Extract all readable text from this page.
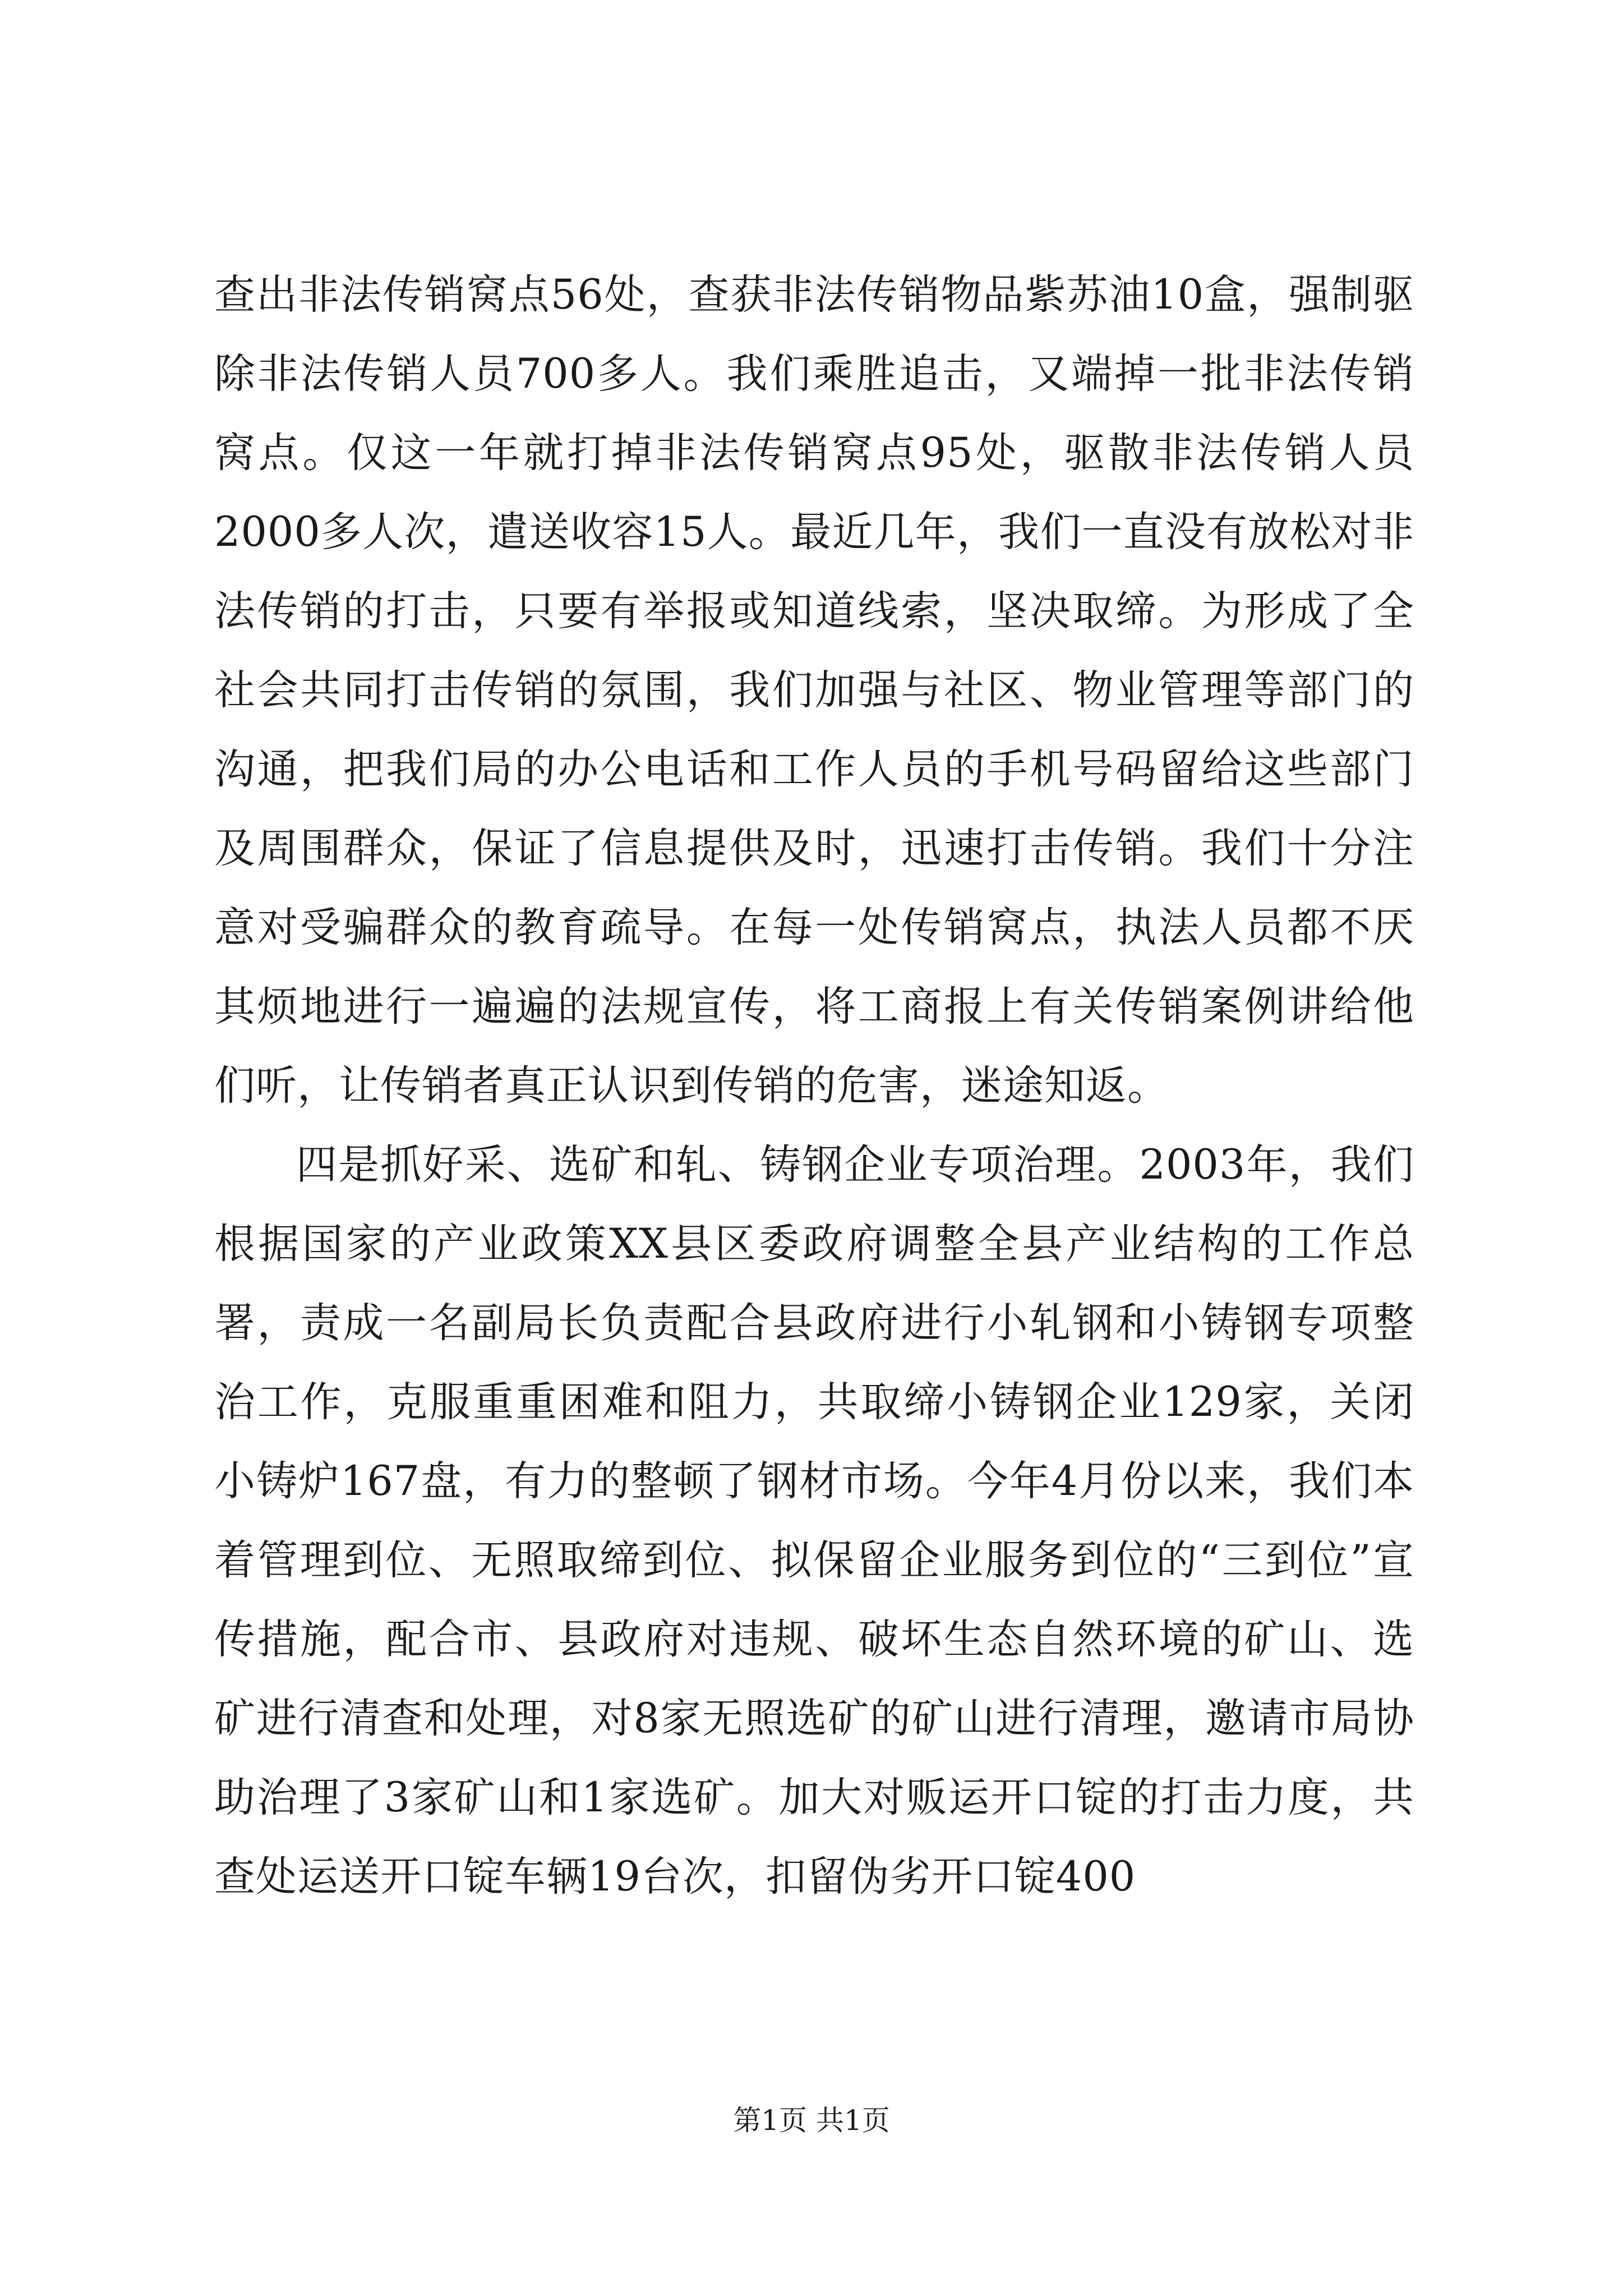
查出非法传销窝点56处，查获非法传销物品紫苏油10盒，强制驱除非法传销人员700多人。我们乘胜追击，又端掉一批非法传销窝点。仅这一年就打掉非法传销窝点95处，驱散非法传销人员2000多人次，遣送收容15人。最近几年，我们一直没有放松对非法传销的打击，只要有举报或知道线索，坚决取缔。为形成了全社会共同打击传销的氛围，我们加强与社区、物业管理等部门的沟通，把我们局的办公电话和工作人员的手机号码留给这些部门及周围群众，保证了信息提供及时，迅速打击传销。我们十分注意对受骗群众的教育疏导。在每一处传销窝点，执法人员都不厌其烦地进行一遍遍的法规宣传，将工商报上有关传销案例讲给他们听，让传销者真正认识到传销的危害，迷途知返。

四是抓好采、选矿和轧、铸钢企业专项治理。2003年，我们根据国家的产业政策XX县区委政府调整全县产业结构的工作总署，责成一名副局长负责配合县政府进行小轧钢和小铸钢专项整治工作，克服重重困难和阻力，共取缔小铸钢企业129家，关闭小铸炉167盘，有力的整顿了钢材市场。今年4月份以来，我们本着管理到位、无照取缔到位、拟保留企业服务到位的“三到位”宣传措施，配合市、县政府对违规、破坏生态自然环境的矿山、选矿进行清查和处理，对8家无照选矿的矿山进行清理，邀请市局协助治理了3家矿山和1家选矿。加大对贩运开口锭的打击力度，共查处运送开口锭车辆19台次，扣留伪劣开口锭400

第1页 共1页
